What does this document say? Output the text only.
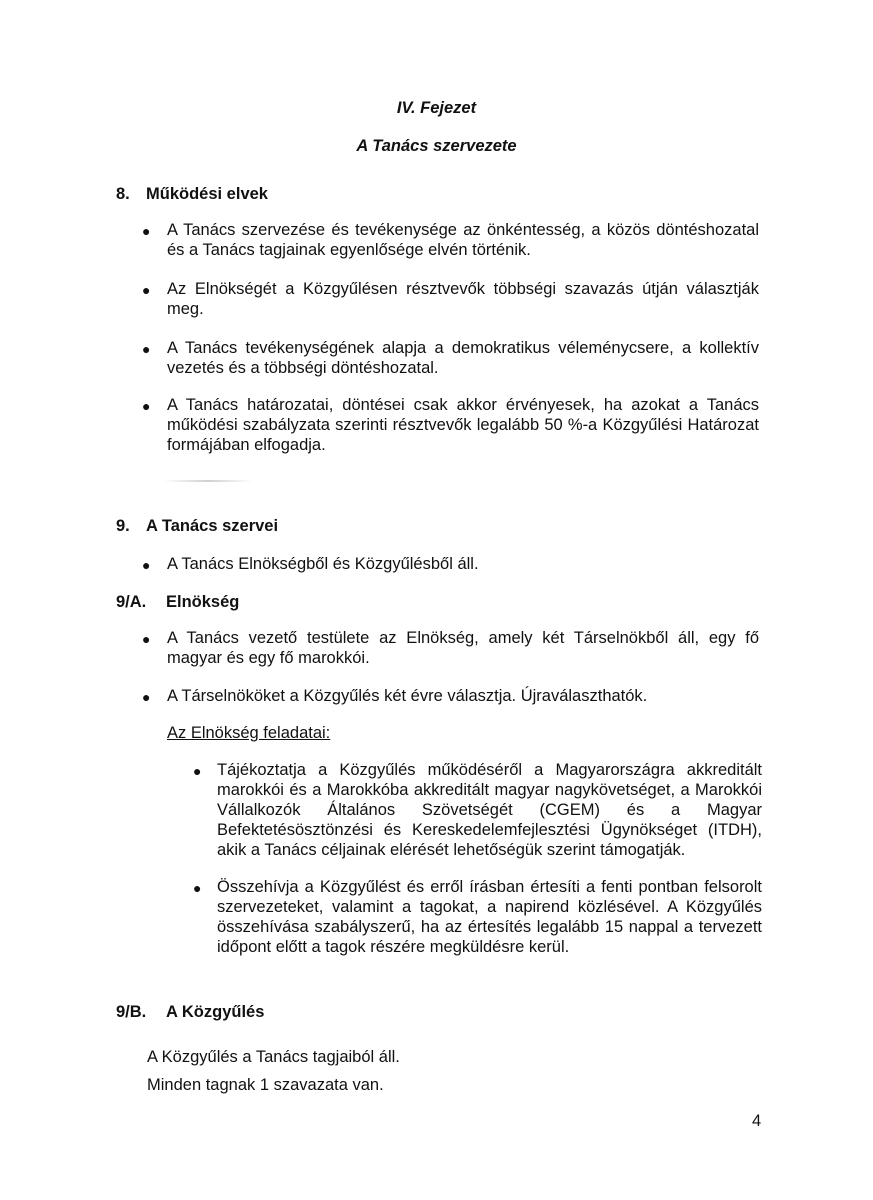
IV. Fejezet
A Tanács szervezete
8. Működési elvek
● A Tanács szervezése és tevékenysége az önkéntesség, a közös döntéshozatal és a Tanács tagjainak egyenlősége elvén történik.
● Az Elnökségét a Közgyűlésen résztvevők többségi szavazás útján választják meg.
● A Tanács tevékenységének alapja a demokratikus véleménycsere, a kollektív vezetés és a többségi döntéshozatal.
● A Tanács határozatai, döntései csak akkor érvényesek, ha azokat a Tanács működési szabályzata szerinti résztvevők legalább 50 %-a Közgyűlési Határozat formájában elfogadja.
9. A Tanács szervei
● A Tanács Elnökségből és Közgyűlésből áll.
9/A. Elnökség
● A Tanács vezető testülete az Elnökség, amely két Társelnökből áll, egy fő magyar és egy fő marokkói.
● A Társelnököket a Közgyűlés két évre választja. Újraválaszthatók.
Az Elnökség feladatai:
● Tájékoztatja a Közgyűlés működéséről a Magyarországra akkreditált marokkói és a Marokkóba akkreditált magyar nagykövetséget, a Marokkói Vállalkozók Általános Szövetségét (CGEM) és a Magyar Befektetésösztönzési és Kereskedelemfejlesztési Ügynökséget (ITDH), akik a Tanács céljainak elérését lehetőségük szerint támogatják.
● Összehívja a Közgyűlést és erről írásban értesíti a fenti pontban felsorolt szervezeteket, valamint a tagokat, a napirend közlésével. A Közgyűlés összehívása szabályszerű, ha az értesítés legalább 15 nappal a tervezett időpont előtt a tagok részére megküldésre kerül.
9/B. A Közgyűlés
A Közgyűlés a Tanács tagjaiból áll.
Minden tagnak 1 szavazata van.
4
